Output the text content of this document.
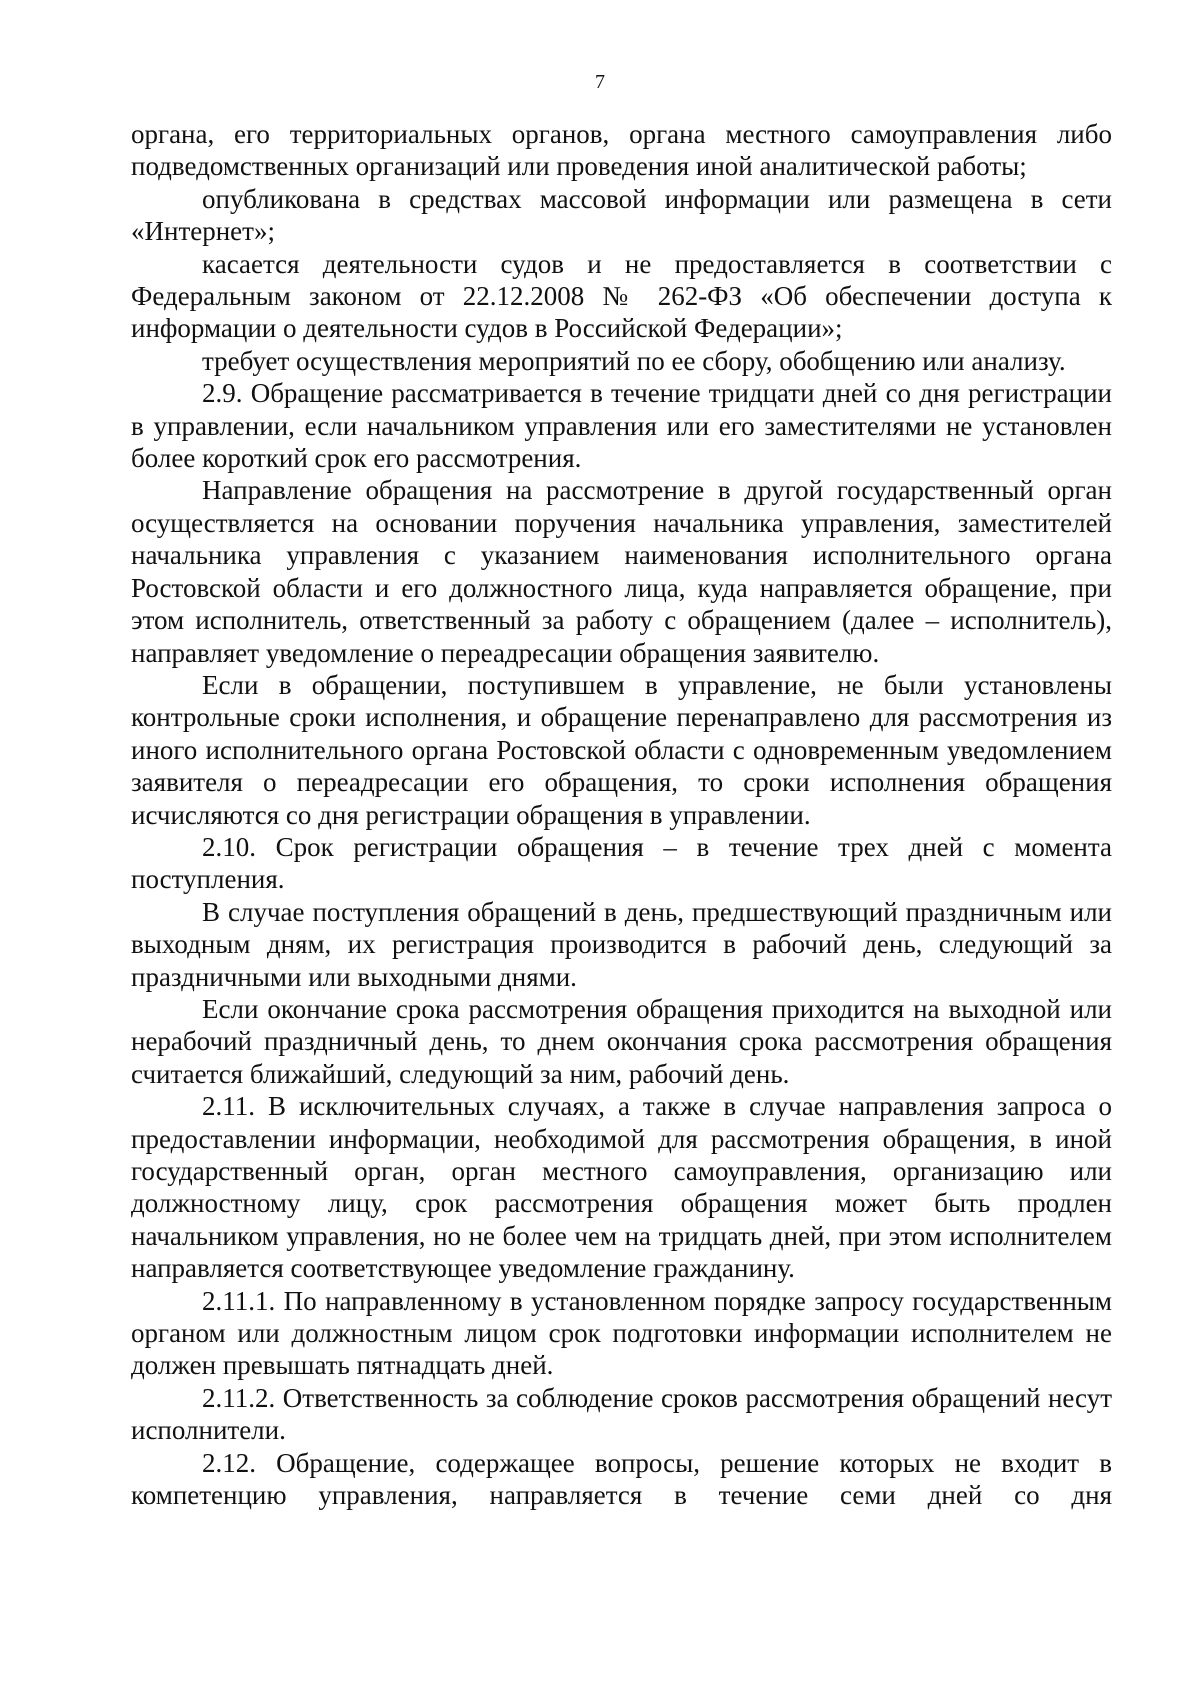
7

органа, его территориальных органов, органа местного самоуправления либо подведомственных организаций или проведения иной аналитической работы;

опубликована в средствах массовой информации или размещена в сети «Интернет»;

касается деятельности судов и не предоставляется в соответствии с Федеральным законом от 22.12.2008 № 262-ФЗ «Об обеспечении доступа к информации о деятельности судов в Российской Федерации»;

требует осуществления мероприятий по ее сбору, обобщению или анализу.

2.9. Обращение рассматривается в течение тридцати дней со дня регистрации в управлении, если начальником управления или его заместителями не установлен более короткий срок его рассмотрения.

Направление обращения на рассмотрение в другой государственный орган осуществляется на основании поручения начальника управления, заместителей начальника управления с указанием наименования исполнительного органа Ростовской области и его должностного лица, куда направляется обращение, при этом исполнитель, ответственный за работу с обращением (далее – исполнитель), направляет уведомление о переадресации обращения заявителю.

Если в обращении, поступившем в управление, не были установлены контрольные сроки исполнения, и обращение перенаправлено для рассмотрения из иного исполнительного органа Ростовской области с одновременным уведомлением заявителя о переадресации его обращения, то сроки исполнения обращения исчисляются со дня регистрации обращения в управлении.

2.10. Срок регистрации обращения – в течение трех дней с момента поступления.

В случае поступления обращений в день, предшествующий праздничным или выходным дням, их регистрация производится в рабочий день, следующий за праздничными или выходными днями.

Если окончание срока рассмотрения обращения приходится на выходной или нерабочий праздничный день, то днем окончания срока рассмотрения обращения считается ближайший, следующий за ним, рабочий день.

2.11. В исключительных случаях, а также в случае направления запроса о предоставлении информации, необходимой для рассмотрения обращения, в иной государственный орган, орган местного самоуправления, организацию или должностному лицу, срок рассмотрения обращения может быть продлен начальником управления, но не более чем на тридцать дней, при этом исполнителем направляется соответствующее уведомление гражданину.

2.11.1. По направленному в установленном порядке запросу государственным органом или должностным лицом срок подготовки информации исполнителем не должен превышать пятнадцать дней.

2.11.2. Ответственность за соблюдение сроков рассмотрения обращений несут исполнители.

2.12. Обращение, содержащее вопросы, решение которых не входит в компетенцию управления, направляется в течение семи дней со дня
